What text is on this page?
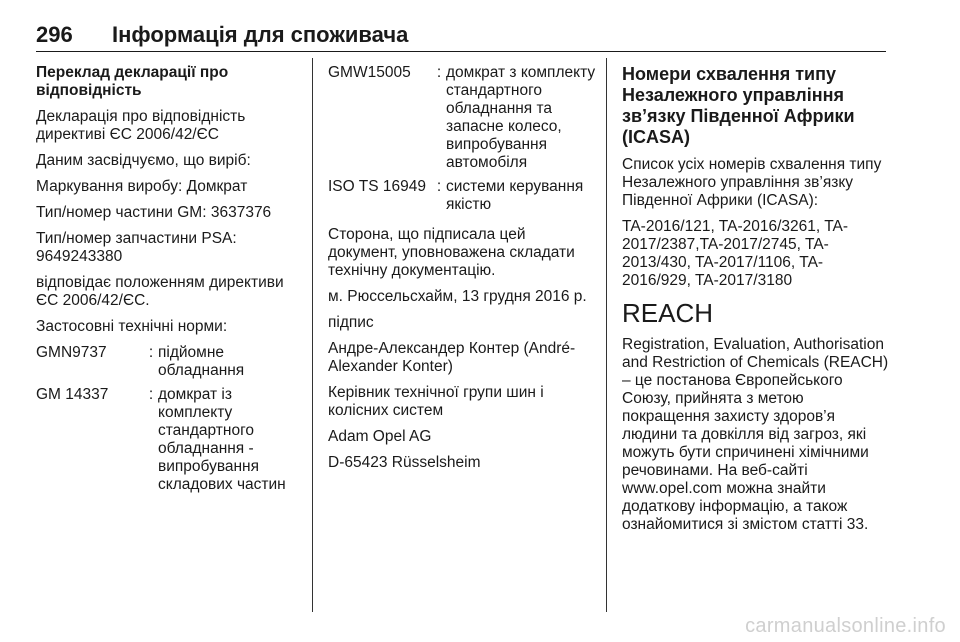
296 Інформація для споживача

Переклад декларації про відповідність

Декларація про відповідність директиві ЄС 2006/42/ЄС

Даним засвідчуємо, що виріб:

Маркування виробу: Домкрат

Тип/номер частини GM: 3637376

Тип/номер запчастини PSA: 9649243380

відповідає положенням директиви ЄС 2006/42/ЄС.

Застосовні технічні норми:

GMN9737	:	підйомне обладнання
GM 14337	:	домкрат із комплекту стандартного обладнання - випробування складових частин
GMW15005	:	домкрат з комплекту стандартного обладнання та запасне колесо, випробування автомобіля
ISO TS 16949	:	системи керування якістю

Сторона, що підписала цей документ, уповноважена складати технічну документацію.

м. Рюссельсхайм, 13 грудня 2016 р.

підпис

Андре-Александер Контер (André-Alexander Konter)

Керівник технічної групи шин і колісних систем

Adam Opel AG

D-65423 Rüsselsheim

Номери схвалення типу Незалежного управління зв’язку Південної Африки (ICASA)

Список усіх номерів схвалення типу Незалежного управління зв’язку Південної Африки (ICASA):

TA-2016/121, TA-2016/3261, TA-2017/2387,TA-2017/2745, TA-2013/430, TA-2017/1106, TA-2016/929, TA-2017/3180

REACH

Registration, Evaluation, Authorisation and Restriction of Chemicals (REACH) – це постанова Європейського Союзу, прийнята з метою покращення захисту здоров’я людини та довкілля від загроз, які можуть бути спричинені хімічними речовинами. На веб-сайті www.opel.com можна знайти додаткову інформацію, а також ознайомитися зі змістом статті 33.

carmanualsonline.info
